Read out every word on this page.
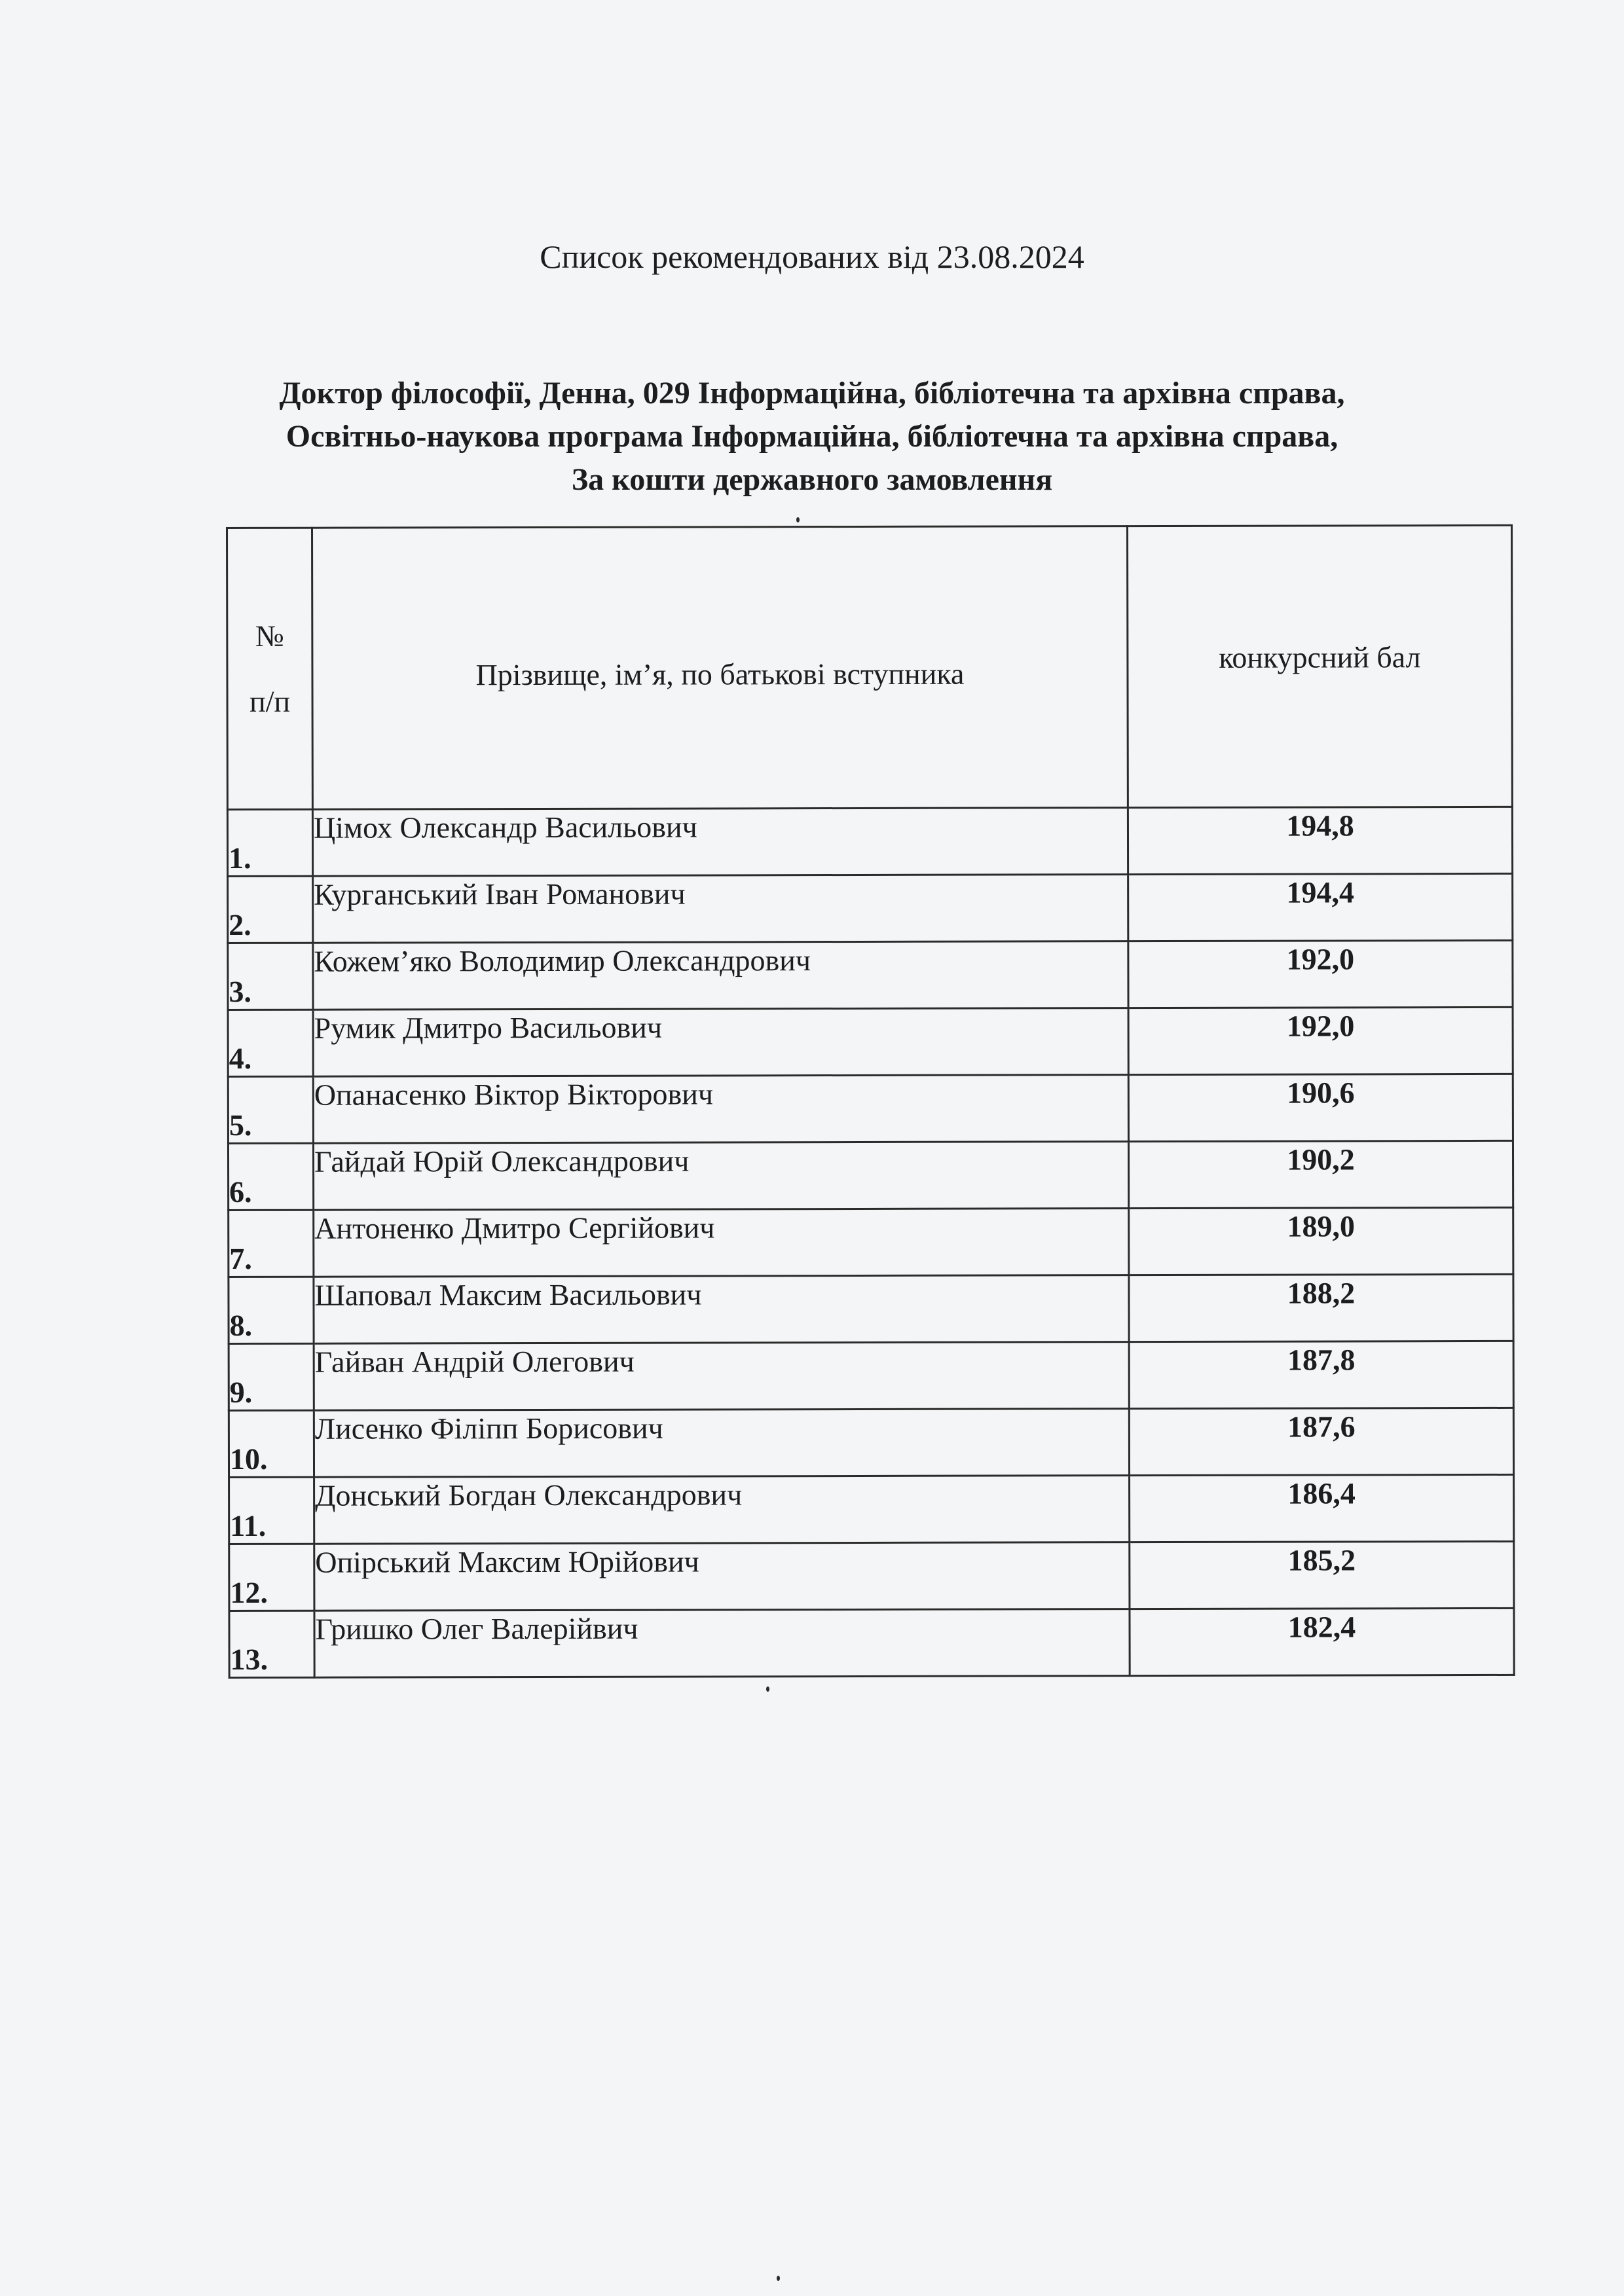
Список рекомендованих від 23.08.2024
Доктор філософії, Денна, 029 Інформаційна, бібліотечна та архівна справа,
Освітньо-наукова програма Інформаційна, бібліотечна та архівна справа,
За кошти державного замовлення
№
п/п	Прізвище, ім’я, по батькові вступника	конкурсний бал
1.	Цімох Олександр Васильович	194,8
2.	Курганський Іван Романович	194,4
3.	Кожем’яко Володимир Олександрович	192,0
4.	Румик Дмитро Васильович	192,0
5.	Опанасенко Віктор Вікторович	190,6
6.	Гайдай Юрій Олександрович	190,2
7.	Антоненко Дмитро Сергійович	189,0
8.	Шаповал Максим Васильович	188,2
9.	Гайван Андрій Олегович	187,8
10.	Лисенко Філіпп Борисович	187,6
11.	Донський Богдан Олександрович	186,4
12.	Опірський Максим Юрійович	185,2
13.	Гришко Олег Валерійвич	182,4
